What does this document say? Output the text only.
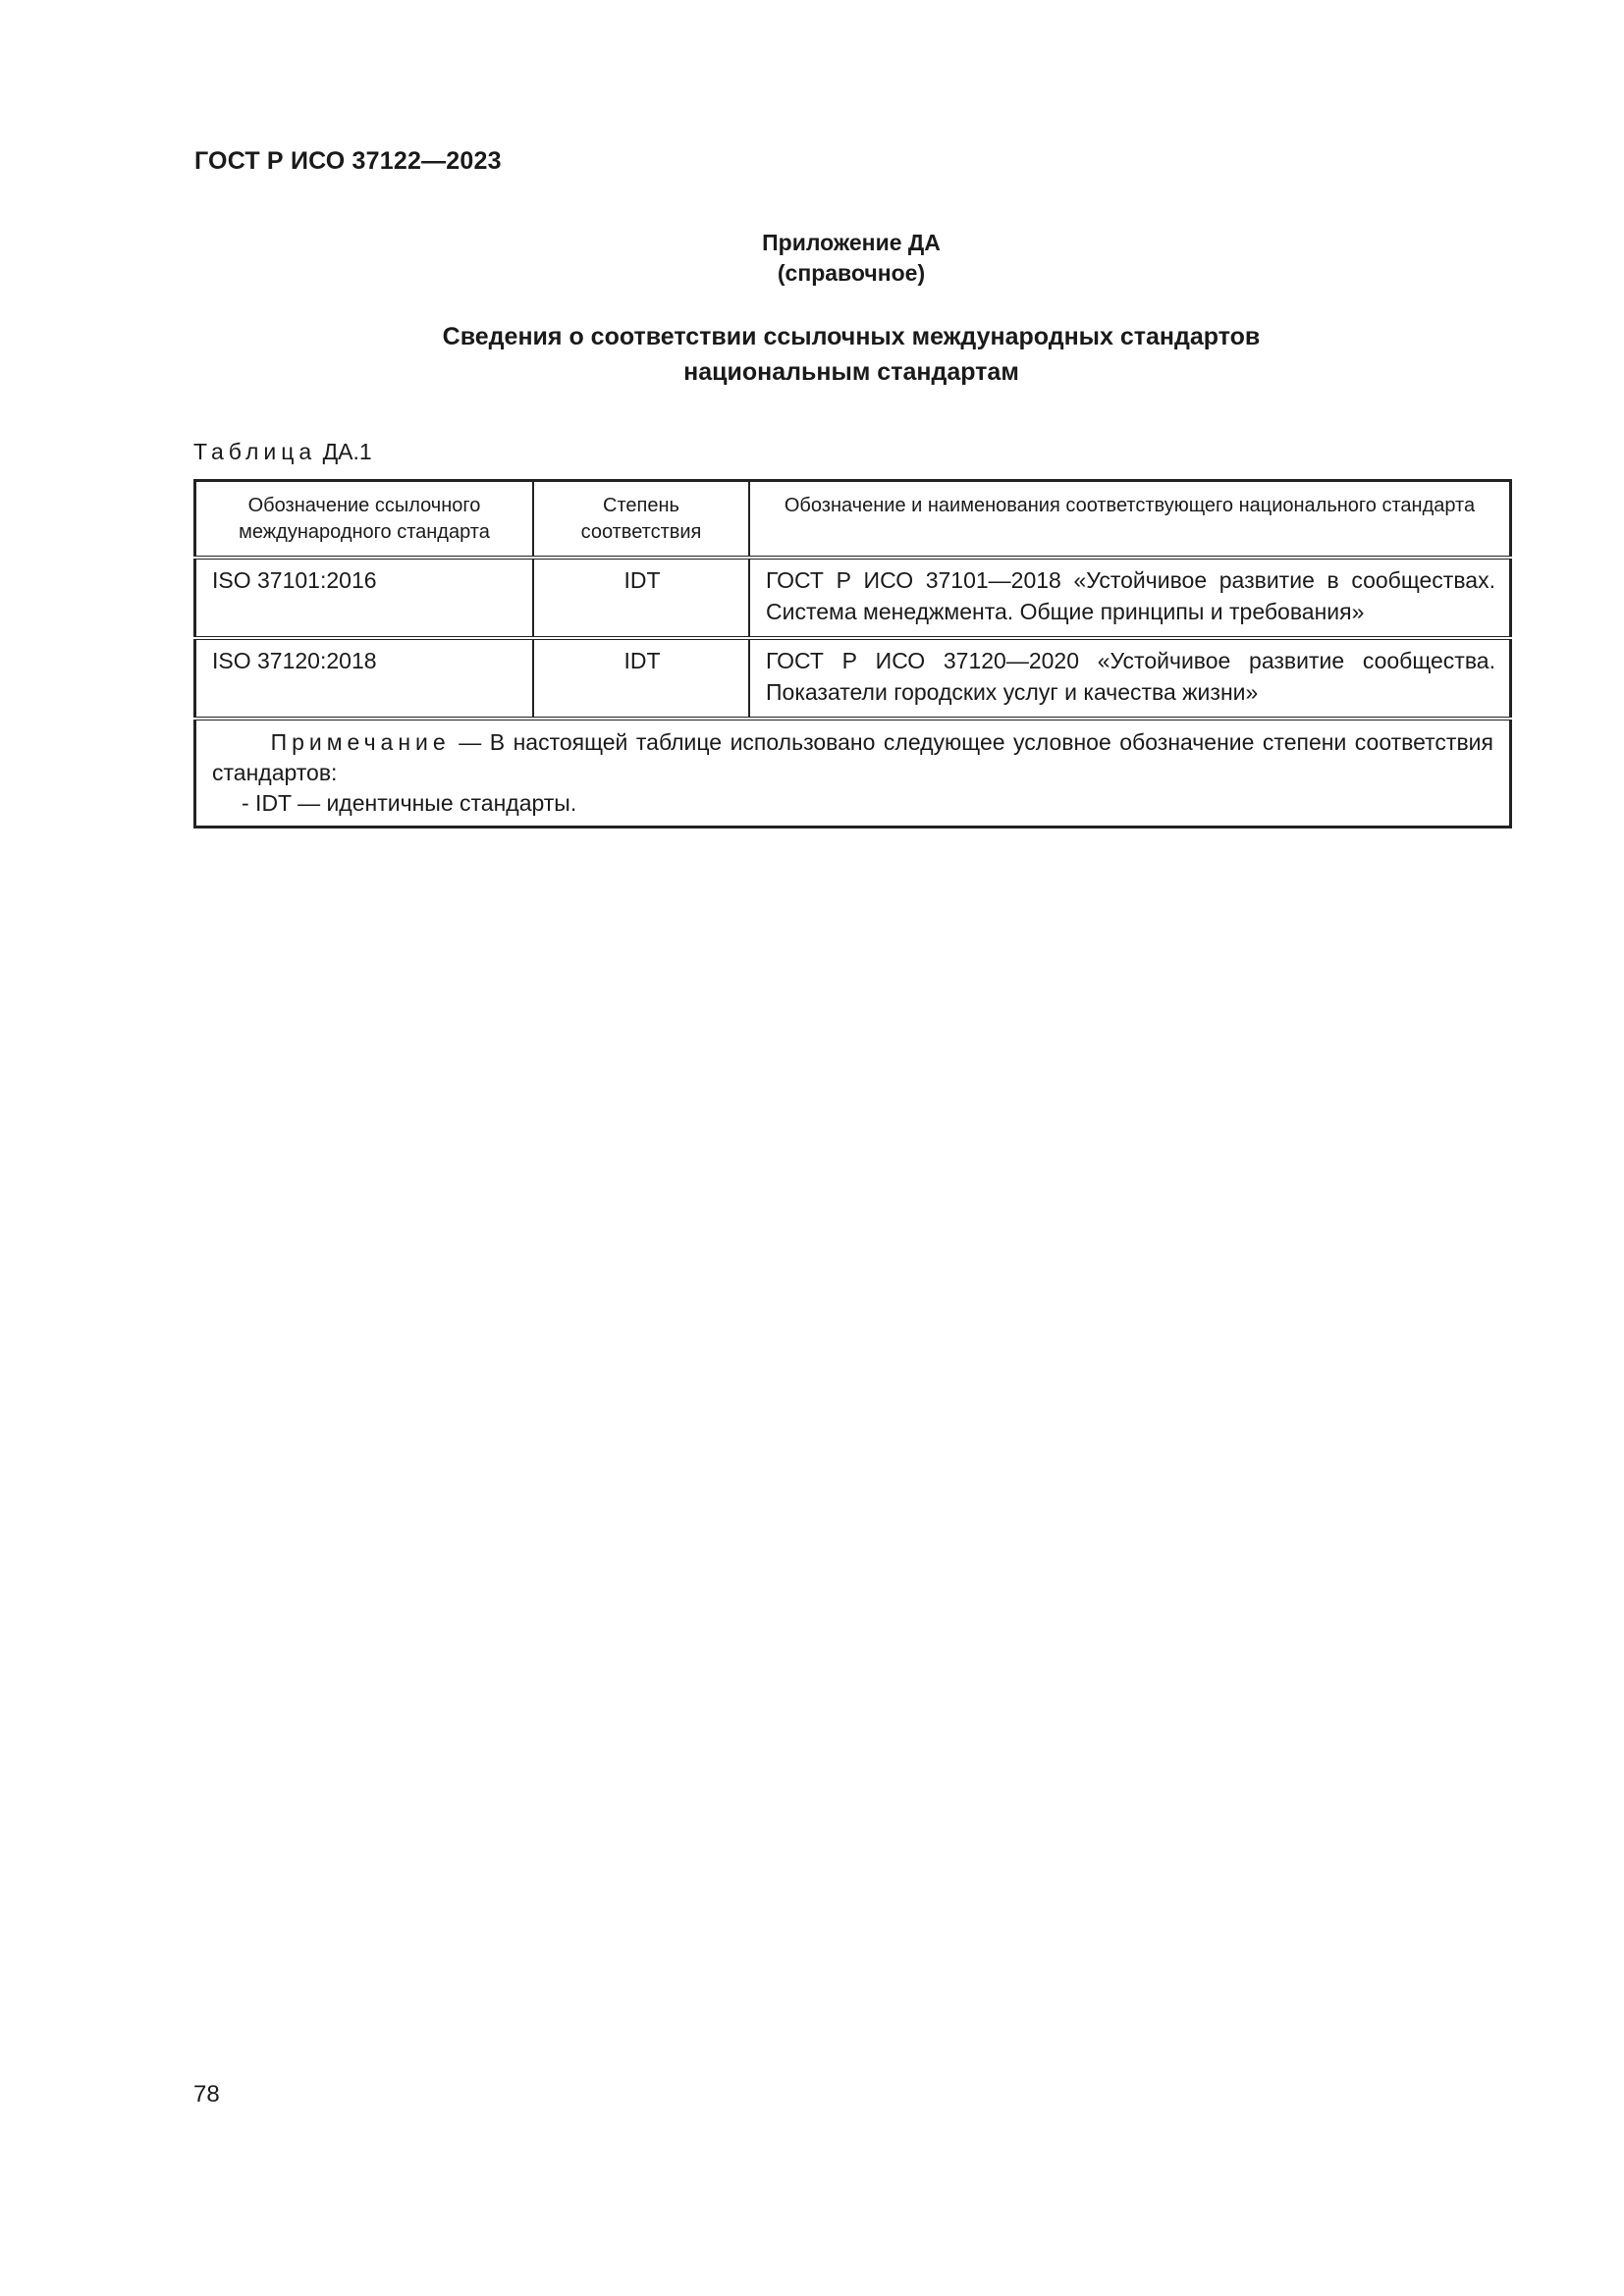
ГОСТ Р ИСО 37122—2023
Приложение ДА
(справочное)
Сведения о соответствии ссылочных международных стандартов
национальным стандартам
Таблица ДА.1
Обозначение ссылочного международного стандарта	Степень соответствия	Обозначение и наименования соответствующего национального стандарта
ISO 37101:2016	IDT	ГОСТ Р ИСО 37101—2018 «Устойчивое развитие в сообществах. Система менеджмента. Общие принципы и требования»
ISO 37120:2018	IDT	ГОСТ Р ИСО 37120—2020 «Устойчивое развитие сообщества. Показатели городских услуг и качества жизни»

Примечание — В настоящей таблице использовано следующее условное обозначение степени соответствия стандартов:
- IDT — идентичные стандарты.		
78
